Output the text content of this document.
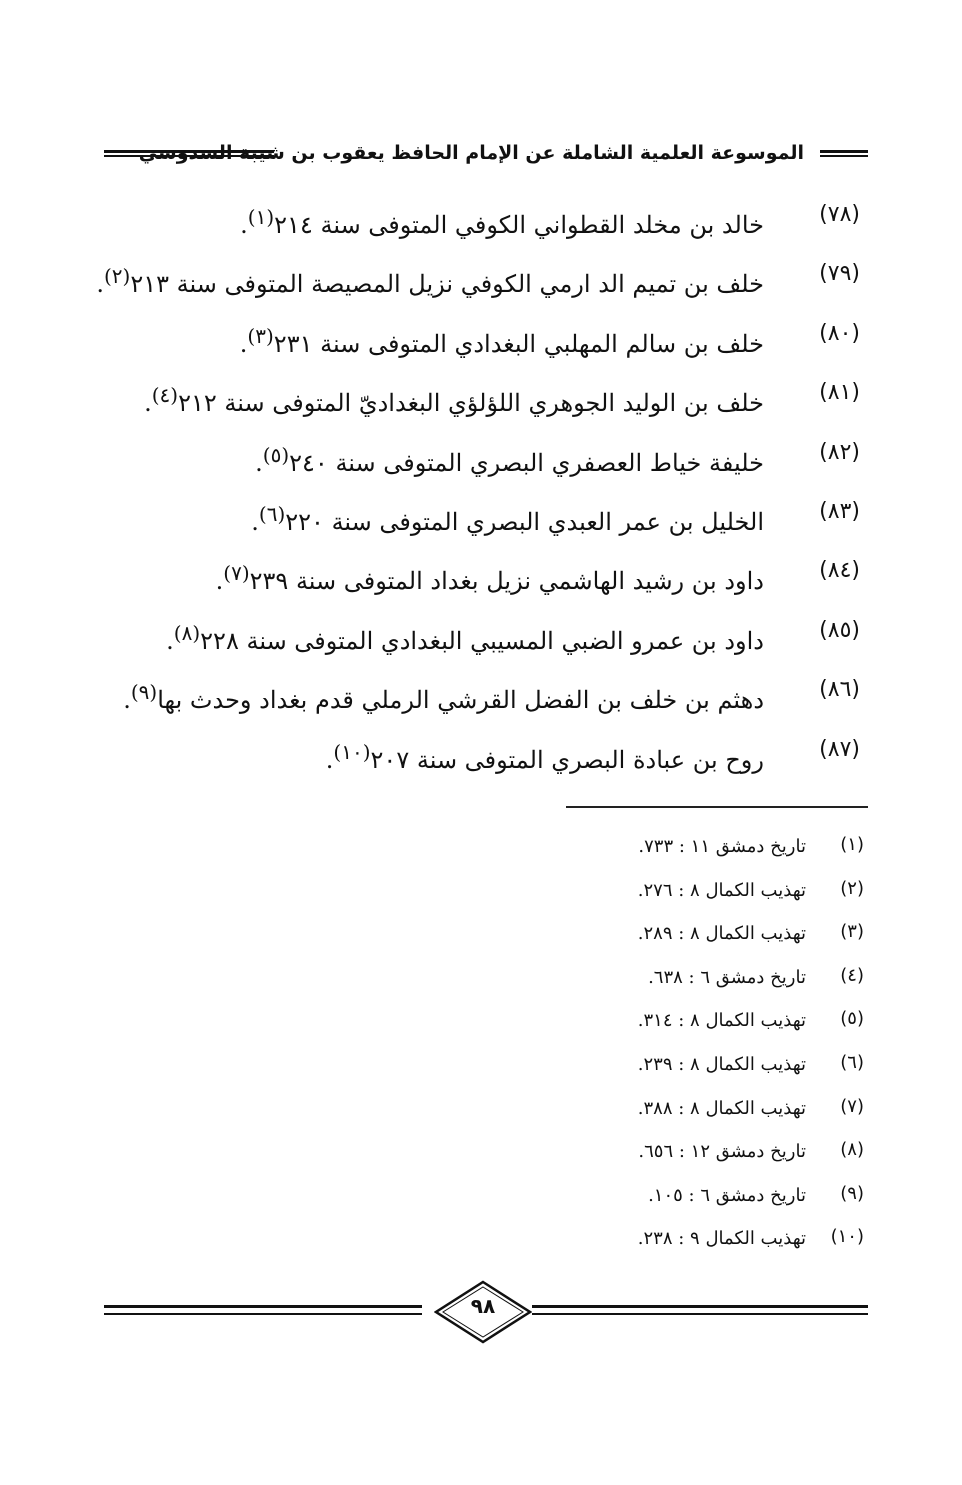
الموسوعة العلمية الشاملة عن الإمام الحافظ يعقوب بن شيبة السدوسي
(٧٨)
خالد بن مخلد القطواني الكوفي المتوفى سنة ٢١٤$^{(١)}$.
(٧٩)
خلف بن تميم الد ارمي الكوفي نزيل المصيصة المتوفى سنة ٢١٣$^{(٢)}$.
(٨٠)
خلف بن سالم المهلبي البغدادي المتوفى سنة ٢٣١$^{(٣)}$.
(٨١)
خلف بن الوليد الجوهري اللؤلؤي البغداديّ المتوفى سنة ٢١٢$^{(٤)}$.
(٨٢)
خليفة خياط العصفري البصري المتوفى سنة ٢٤٠$^{(٥)}$.
(٨٣)
الخليل بن عمر العبدي البصري المتوفى سنة ٢٢٠$^{(٦)}$.
(٨٤)
داود بن رشيد الهاشمي نزيل بغداد المتوفى سنة ٢٣٩$^{(٧)}$.
(٨٥)
داود بن عمرو الضبي المسيبي البغدادي المتوفى سنة ٢٢٨$^{(٨)}$.
(٨٦)
دهثم بن خلف بن الفضل القرشي الرملي قدم بغداد وحدث بها$^{(٩)}$.
(٨٧)
روح بن عبادة البصري المتوفى سنة ٢٠٧$^{(١٠)}$.
(١)
تاريخ دمشق ١١ : ٧٣٣.
(٢)
تهذيب الكمال ٨ : ٢٧٦.
(٣)
تهذيب الكمال ٨ : ٢٨٩.
(٤)
تاريخ دمشق ٦ : ٦٣٨.
(٥)
تهذيب الكمال ٨ : ٣١٤.
(٦)
تهذيب الكمال ٨ : ٢٣٩.
(٧)
تهذيب الكمال ٨ : ٣٨٨.
(٨)
تاريخ دمشق ١٢ : ٦٥٦.
(٩)
تاريخ دمشق ٦ : ١٠٥.
(١٠)
تهذيب الكمال ٩ : ٢٣٨.
٩٨
